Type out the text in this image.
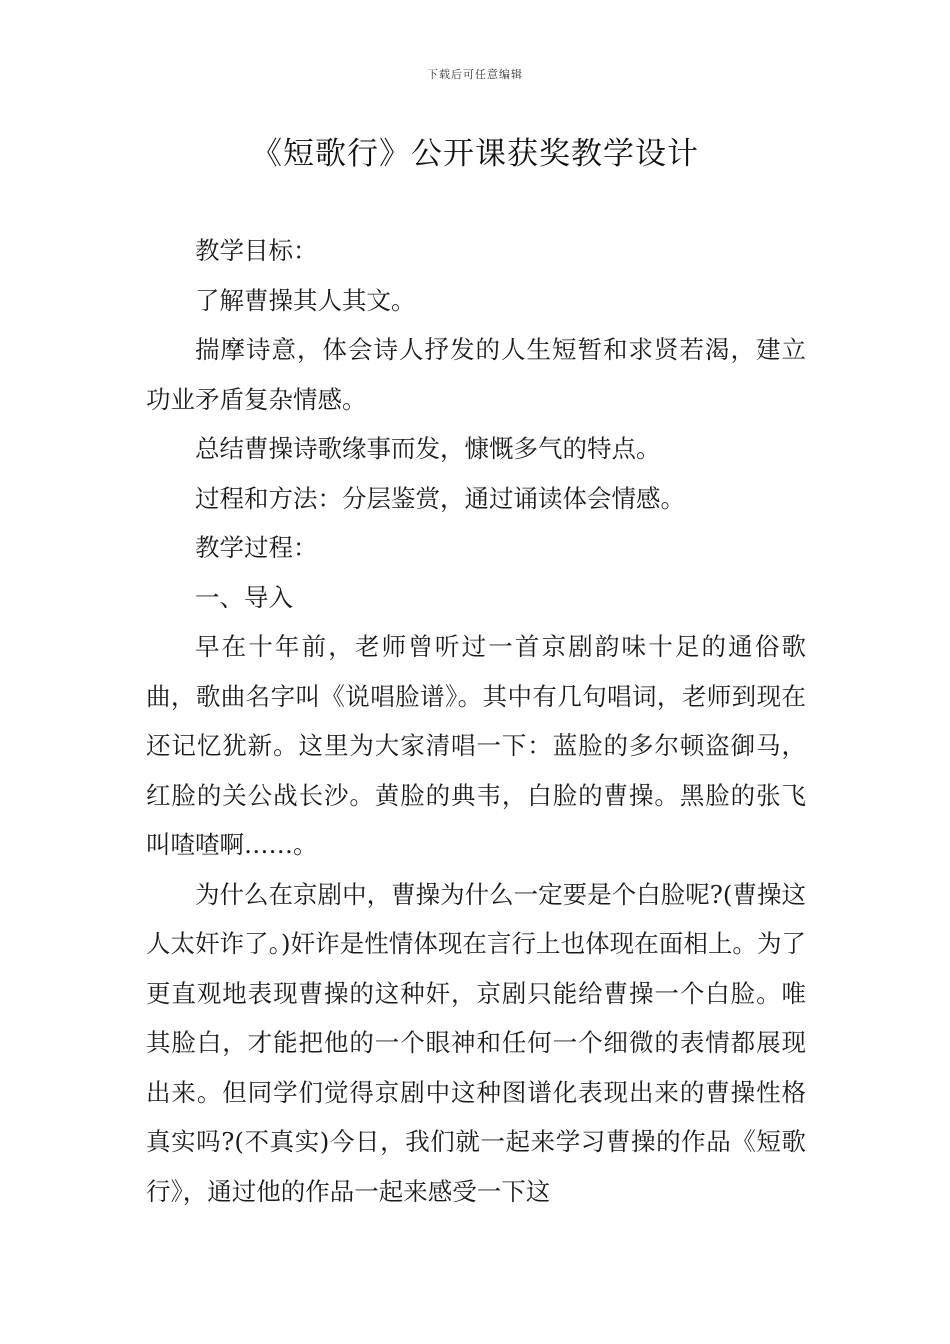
下载后可任意编辑
《短歌行》公开课获奖教学设计

教学目标：

了解曹操其人其文。

揣摩诗意，体会诗人抒发的人生短暂和求贤若渴，建立功业矛盾复杂情感。

总结曹操诗歌缘事而发，慷慨多气的特点。

过程和方法：分层鉴赏，通过诵读体会情感。

教学过程：

一、导入

早在十年前，老师曾听过一首京剧韵味十足的通俗歌曲，歌曲名字叫《说唱脸谱》。其中有几句唱词，老师到现在还记忆犹新。这里为大家清唱一下：蓝脸的多尔顿盗御马，红脸的关公战长沙。黄脸的典韦，白脸的曹操。黑脸的张飞叫喳喳啊……。

为什么在京剧中，曹操为什么一定要是个白脸呢?(曹操这人太奸诈了。)奸诈是性情体现在言行上也体现在面相上。为了更直观地表现曹操的这种奸，京剧只能给曹操一个白脸。唯其脸白，才能把他的一个眼神和任何一个细微的表情都展现出来。但同学们觉得京剧中这种图谱化表现出来的曹操性格真实吗?(不真实)今日，我们就一起来学习曹操的作品《短歌行》，通过他的作品一起来感受一下这
